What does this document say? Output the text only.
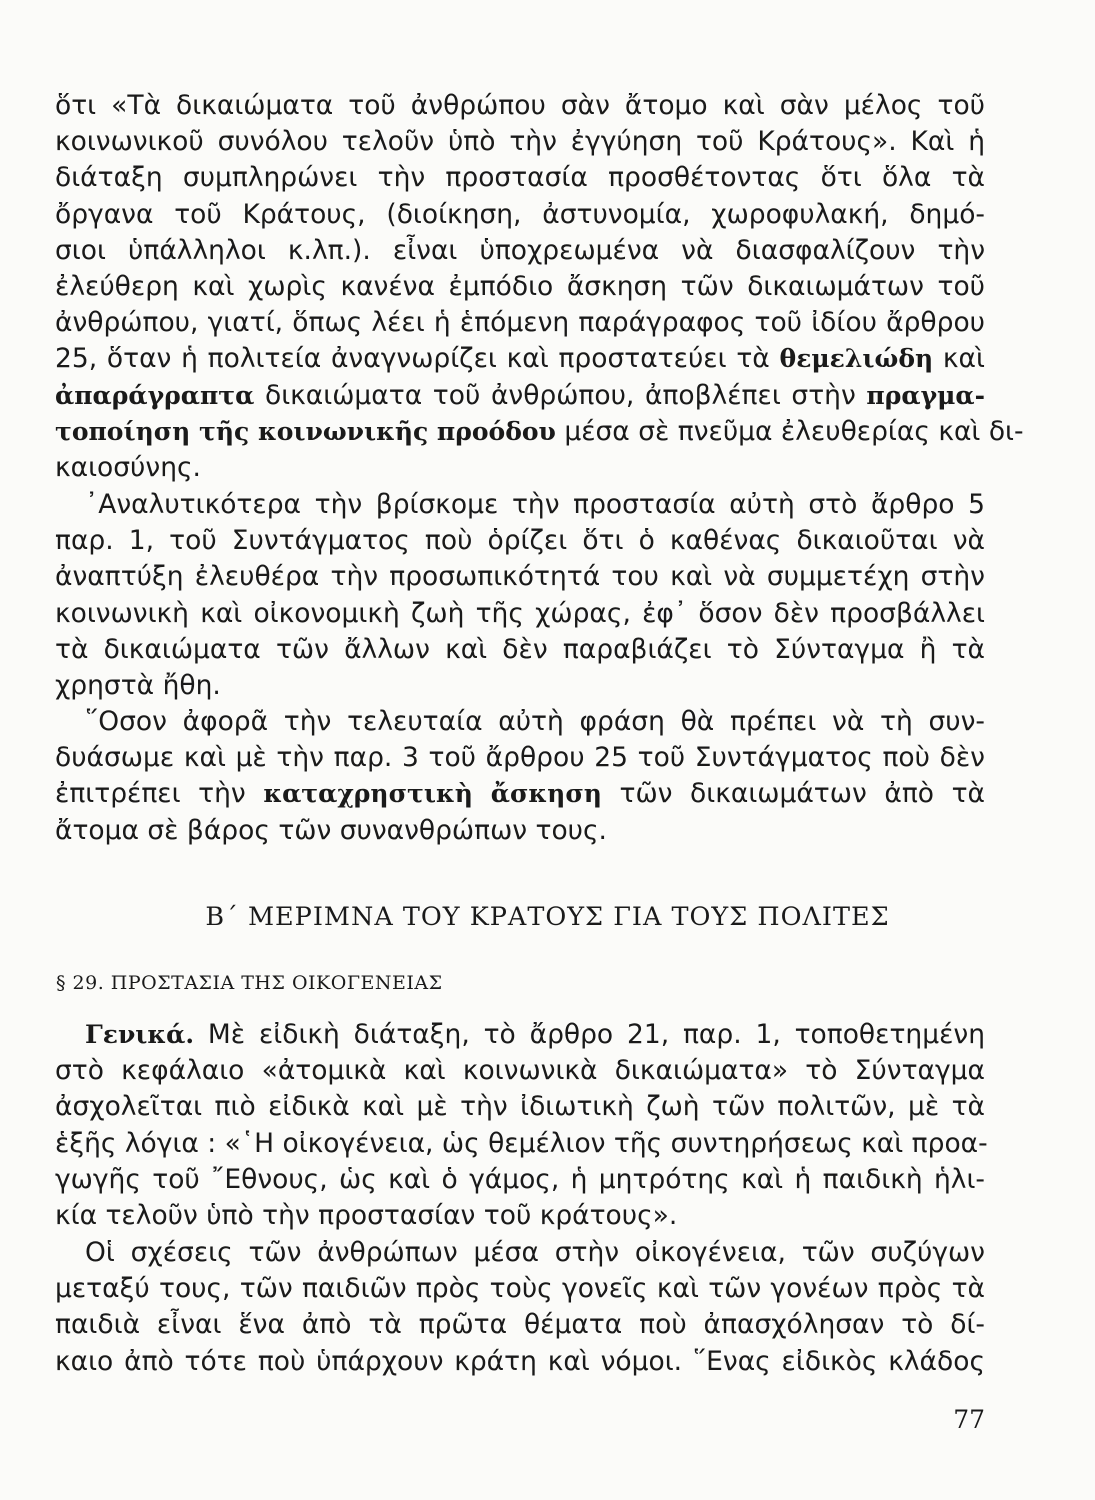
ὅτι «Τὰ δικαιώματα τοῦ ἀνθρώπου σὰν ἄτομο καὶ σὰν μέλος τοῦ
κοινωνικοῦ συνόλου τελοῦν ὑπὸ τὴν ἐγγύηση τοῦ Κράτους». Καὶ ἡ
διάταξη συμπληρώνει τὴν προστασία προσθέτοντας ὅτι ὅλα τὰ
ὄργανα τοῦ Κράτους, (διοίκηση, ἀστυνομία, χωροφυλακή, δημό-
σιοι ὑπάλληλοι κ.λπ.). εἶναι ὑποχρεωμένα νὰ διασφαλίζουν τὴν
ἐλεύθερη καὶ χωρὶς κανένα ἐμπόδιο ἄσκηση τῶν δικαιωμάτων τοῦ
ἀνθρώπου, γιατί, ὅπως λέει ἡ ἑπόμενη παράγραφος τοῦ ἰδίου ἄρθρου
25, ὅταν ἡ πολιτεία ἀναγνωρίζει καὶ προστατεύει τὰ θεμελιώδη καὶ
ἀπαράγραπτα δικαιώματα τοῦ ἀνθρώπου, ἀποβλέπει στὴν πραγμα-
τοποίηση τῆς κοινωνικῆς προόδου μέσα σὲ πνεῦμα ἐλευθερίας καὶ δι-
καιοσύνης.
᾿Αναλυτικότερα τὴν βρίσκομε τὴν προστασία αὐτὴ στὸ ἄρθρο 5
παρ. 1, τοῦ Συντάγματος ποὺ ὁρίζει ὅτι ὁ καθένας δικαιοῦται νὰ
ἀναπτύξη ἐλευθέρα τὴν προσωπικότητά του καὶ νὰ συμμετέχη στὴν
κοινωνικὴ καὶ οἰκονομικὴ ζωὴ τῆς χώρας, ἐφ᾿ ὅσον δὲν προσβάλλει
τὰ δικαιώματα τῶν ἄλλων καὶ δὲν παραβιάζει τὸ Σύνταγμα ἢ τὰ
χρηστὰ ἤθη.
῞Οσον ἀφορᾶ τὴν τελευταία αὐτὴ φράση θὰ πρέπει νὰ τὴ συν-
δυάσωμε καὶ μὲ τὴν παρ. 3 τοῦ ἄρθρου 25 τοῦ Συντάγματος ποὺ δὲν
ἐπιτρέπει τὴν καταχρηστικὴ ἄσκηση τῶν δικαιωμάτων ἀπὸ τὰ
ἄτομα σὲ βάρος τῶν συνανθρώπων τους.
Β΄ ΜΕΡΙΜΝΑ ΤΟΥ ΚΡΑΤΟΥΣ ΓΙΑ ΤΟΥΣ ΠΟΛΙΤΕΣ
§ 29. ΠΡΟΣΤΑΣΙΑ ΤΗΣ ΟΙΚΟΓΕΝΕΙΑΣ
Γενικά. Μὲ εἰδικὴ διάταξη, τὸ ἄρθρο 21, παρ. 1, τοποθετημένη
στὸ κεφάλαιο «ἀτομικὰ καὶ κοινωνικὰ δικαιώματα» τὸ Σύνταγμα
ἀσχολεῖται πιὸ εἰδικὰ καὶ μὲ τὴν ἰδιωτικὴ ζωὴ τῶν πολιτῶν, μὲ τὰ
ἑξῆς λόγια : «῾Η οἰκογένεια, ὡς θεμέλιον τῆς συντηρήσεως καὶ προα-
γωγῆς τοῦ ῎Εθνους, ὡς καὶ ὁ γάμος, ἡ μητρότης καὶ ἡ παιδικὴ ἡλι-
κία τελοῦν ὑπὸ τὴν προστασίαν τοῦ κράτους».
Οἱ σχέσεις τῶν ἀνθρώπων μέσα στὴν οἰκογένεια, τῶν συζύγων
μεταξύ τους, τῶν παιδιῶν πρὸς τοὺς γονεῖς καὶ τῶν γονέων πρὸς τὰ
παιδιὰ εἶναι ἕνα ἀπὸ τὰ πρῶτα θέματα ποὺ ἀπασχόλησαν τὸ δί-
καιο ἀπὸ τότε ποὺ ὑπάρχουν κράτη καὶ νόμοι. ῞Ενας εἰδικὸς κλάδος
77
